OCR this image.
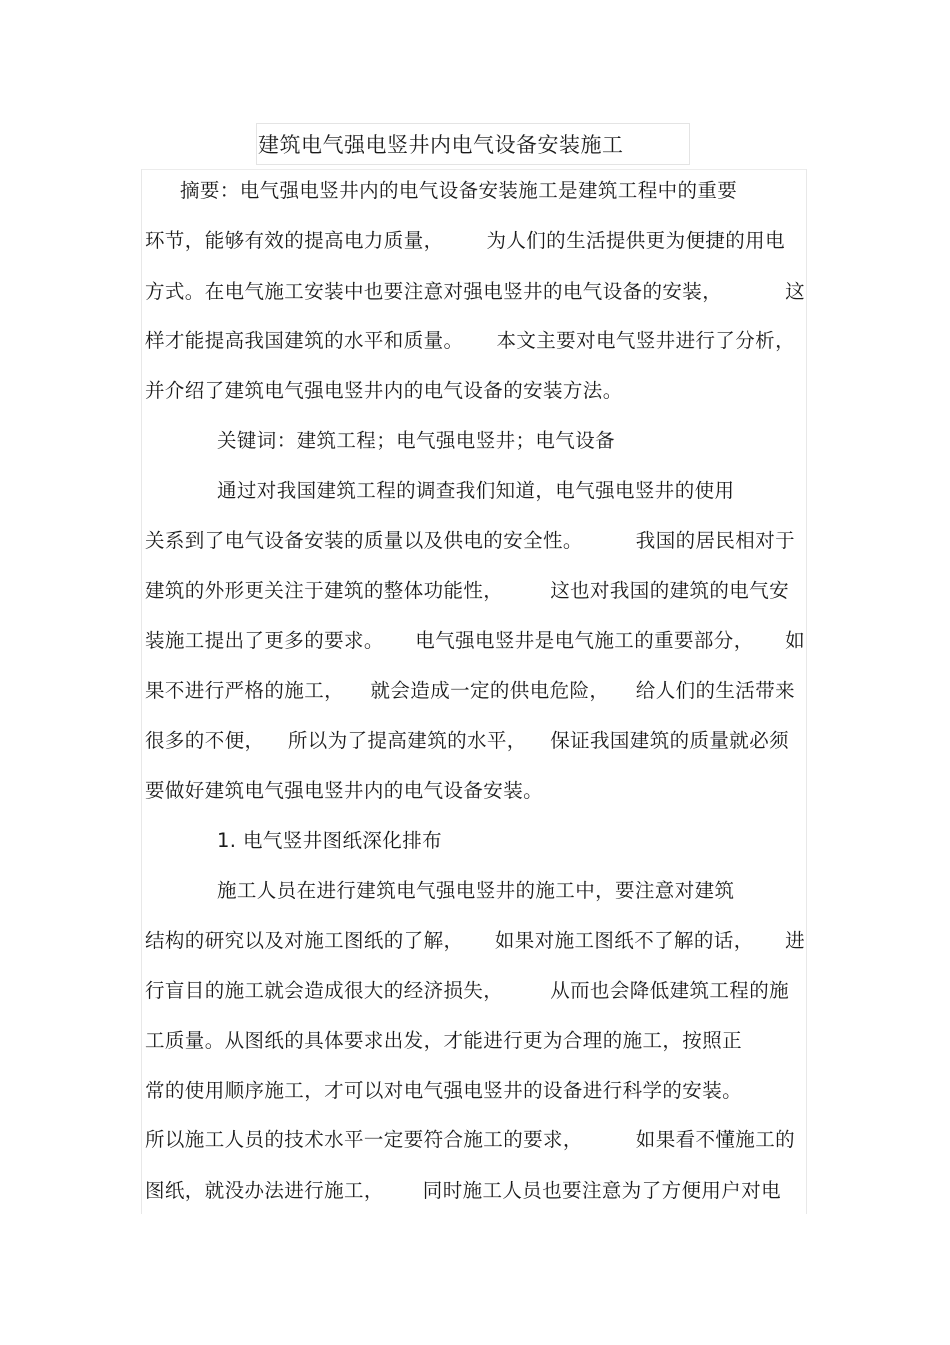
建筑电气强电竖井内电气设备安装施工
摘要：电气强电竖井内的电气设备安装施工是建筑工程中的重要
环节，能够有效的提高电力质量， 为人们的生活提供更为便捷的用电
方式。在电气施工安装中也要注意对强电竖井的电气设备的安装，	这
样才能提高我国建筑的水平和质量。 本文主要对电气竖井进行了分析，
并介绍了建筑电气强电竖井内的电气设备的安装方法。
关键词：建筑工程；电气强电竖井；电气设备
通过对我国建筑工程的调查我们知道，电气强电竖井的使用
关系到了电气设备安装的质量以及供电的安全性。	我国的居民相对于
建筑的外形更关注于建筑的整体功能性， 这也对我国的建筑的电气安
装施工提出了更多的要求。 电气强电竖井是电气施工的重要部分， 如
果不进行严格的施工， 就会造成一定的供电危险， 给人们的生活带来
很多的不便， 所以为了提高建筑的水平， 保证我国建筑的质量就必须
要做好建筑电气强电竖井内的电气设备安装。
1. 电气竖井图纸深化排布
施工人员在进行建筑电气强电竖井的施工中，要注意对建筑
结构的研究以及对施工图纸的了解， 如果对施工图纸不了解的话， 进
行盲目的施工就会造成很大的经济损失， 从而也会降低建筑工程的施
工质量。从图纸的具体要求出发，才能进行更为合理的施工，按照正
常的使用顺序施工，才可以对电气强电竖井的设备进行科学的安装。
所以施工人员的技术水平一定要符合施工的要求，	如果看不懂施工的
图纸，就没办法进行施工， 同时施工人员也要注意为了方便用户对电
